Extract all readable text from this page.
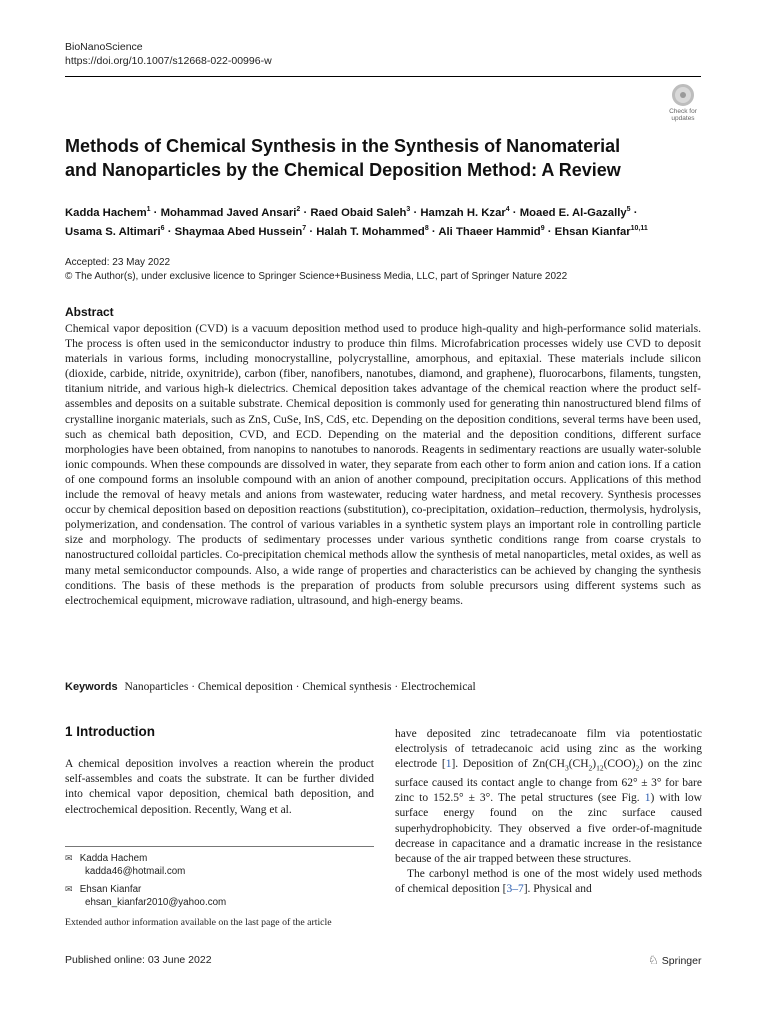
BioNanoScience
https://doi.org/10.1007/s12668-022-00996-w
Check for
updates
Methods of Chemical Synthesis in the Synthesis of Nanomaterial
and Nanoparticles by the Chemical Deposition Method: A Review
Kadda Hachem$^1$ · Mohammad Javed Ansari$^2$ · Raed Obaid Saleh$^3$ · Hamzah H. Kzar$^4$ · Moaed E. Al-Gazally$^5$ ·
Usama S. Altimari$^6$ · Shaymaa Abed Hussein$^7$ · Halah T. Mohammed$^8$ · Ali Thaeer Hammid$^9$ · Ehsan Kianfar$^{10,11}$
Accepted: 23 May 2022
© The Author(s), under exclusive licence to Springer Science+Business Media, LLC, part of Springer Nature 2022
Abstract
Chemical vapor deposition (CVD) is a vacuum deposition method used to produce high-quality and high-performance solid materials. The process is often used in the semiconductor industry to produce thin films. Microfabrication processes widely use CVD to deposit materials in various forms, including monocrystalline, polycrystalline, amorphous, and epitaxial. These materials include silicon (dioxide, carbide, nitride, oxynitride), carbon (fiber, nanofibers, nanotubes, diamond, and graphene), fluorocarbons, filaments, tungsten, titanium nitride, and various high-k dielectrics. Chemical deposition takes advantage of the chemical reaction where the product self-assembles and deposits on a suitable substrate. Chemical deposition is commonly used for generating thin nanostructured blend films of crystalline inorganic materials, such as ZnS, CuSe, InS, CdS, etc. Depending on the deposition conditions, several terms have been used, such as chemical bath deposition, CVD, and ECD. Depending on the material and the deposition conditions, different surface morphologies have been obtained, from nanopins to nanotubes to nanorods. Reagents in sedimentary reactions are usually water-soluble ionic compounds. When these compounds are dissolved in water, they separate from each other to form anion and cation ions. If a cation of one compound forms an insoluble compound with an anion of another compound, precipitation occurs. Applications of this method include the removal of heavy metals and anions from wastewater, reducing water hardness, and metal recovery. Synthesis processes occur by chemical deposition based on deposition reactions (substitution), co-precipitation, oxidation–reduction, thermolysis, hydrolysis, polymerization, and condensation. The control of various variables in a synthetic system plays an important role in controlling particle size and morphology. The products of sedimentary processes under various synthetic conditions range from coarse crystals to nanostructured colloidal particles. Co-precipitation chemical methods allow the synthesis of metal nanoparticles, metal oxides, as well as many metal semiconductor compounds. Also, a wide range of properties and characteristics can be achieved by changing the synthesis conditions. The basis of these methods is the preparation of products from soluble precursors using different systems such as electrochemical equipment, microwave radiation, ultrasound, and high-energy beams.
Keywords Nanoparticles · Chemical deposition · Chemical synthesis · Electrochemical
1 Introduction

A chemical deposition involves a reaction wherein the product self-assembles and coats the substrate. It can be further divided into chemical vapor deposition, chemical bath deposition, and electrochemical deposition. Recently, Wang et al.

have deposited zinc tetradecanoate film via potentiostatic electrolysis of tetradecanoic acid using zinc as the working electrode [1]. Deposition of $Zn(CH_3(CH_2)_{12}(COO)_2)$ on the zinc surface caused its contact angle to change from 62° ± 3° for bare zinc to 152.5° ± 3°. The petal structures (see Fig. 1) with low surface energy found on the zinc surface caused superhydrophobicity. They observed a five order-of-magnitude decrease in capacitance and a dramatic increase in the resistance because of the air trapped between these structures.

The carbonyl method is one of the most widely used methods of chemical deposition [3–7]. Physical and

✉ Kadda Hachem
kadda46@hotmail.com
✉ Ehsan Kianfar
ehsan_kianfar2010@yahoo.com
Extended author information available on the last page of the article
Published online: 03 June 2022	♘ Springer
